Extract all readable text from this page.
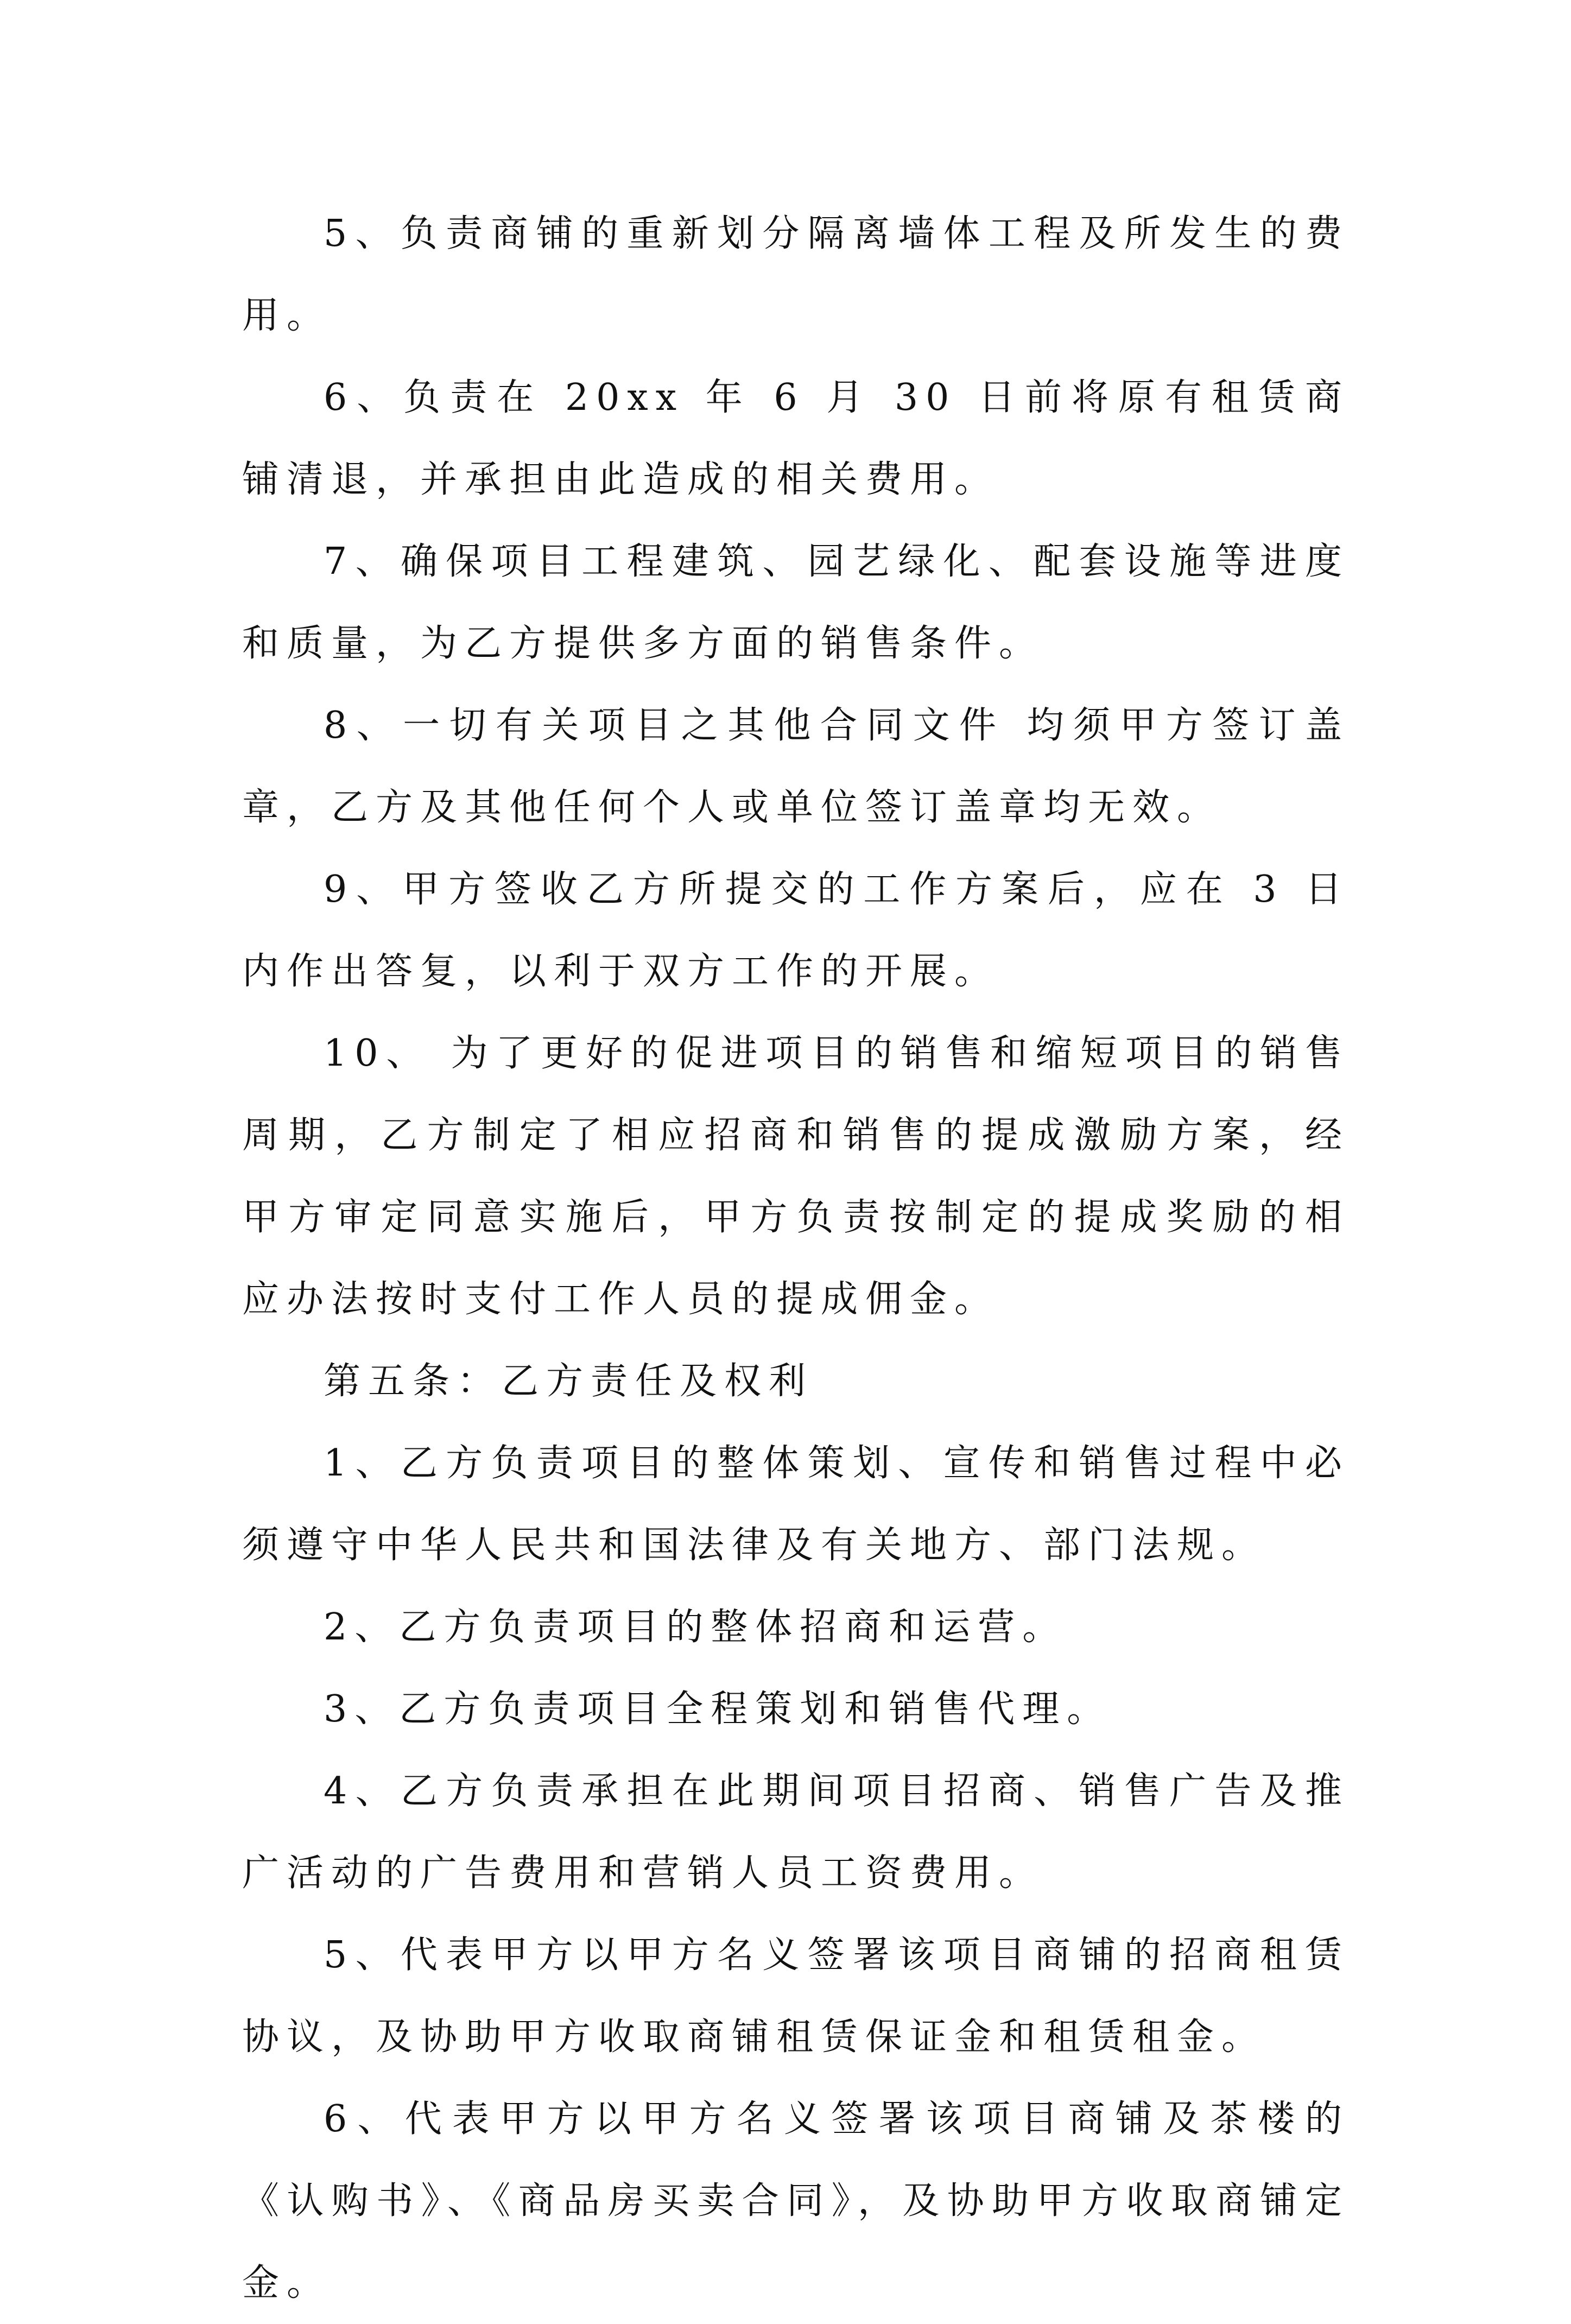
5、负责商铺的重新划分隔离墙体工程及所发生的费用。

6、负责在 20xx 年 6 月 30 日前将原有租赁商铺清退，并承担由此造成的相关费用。

7、确保项目工程建筑、园艺绿化、配套设施等进度和质量，为乙方提供多方面的销售条件。

8、一切有关项目之其他合同文件 均须甲方签订盖章，乙方及其他任何个人或单位签订盖章均无效。

9、甲方签收乙方所提交的工作方案后，应在 3 日内作出答复，以利于双方工作的开展。

10、 为了更好的促进项目的销售和缩短项目的销售周期，乙方制定了相应招商和销售的提成激励方案，经甲方审定同意实施后，甲方负责按制定的提成奖励的相应办法按时支付工作人员的提成佣金。

第五条：乙方责任及权利

1、乙方负责项目的整体策划、宣传和销售过程中必须遵守中华人民共和国法律及有关地方、部门法规。

2、乙方负责项目的整体招商和运营。

3、乙方负责项目全程策划和销售代理。

4、乙方负责承担在此期间项目招商、销售广告及推广活动的广告费用和营销人员工资费用。

5、代表甲方以甲方名义签署该项目商铺的招商租赁协议，及协助甲方收取商铺租赁保证金和租赁租金。

6、代表甲方以甲方名义签署该项目商铺及茶楼的《认购书》、《商品房买卖合同》，及协助甲方收取商铺定金。
